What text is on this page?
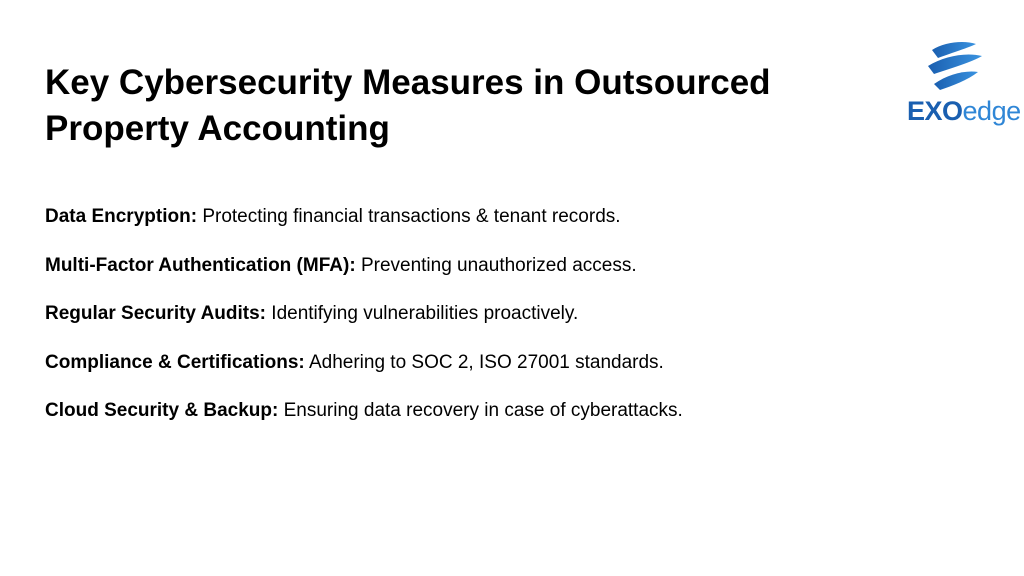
Key Cybersecurity Measures in Outsourced
Property Accounting	EXOedge
Data Encryption: Protecting financial transactions & tenant records.
Multi-Factor Authentication (MFA): Preventing unauthorized access.
Regular Security Audits: Identifying vulnerabilities proactively.
Compliance & Certifications: Adhering to SOC 2, ISO 27001 standards.
Cloud Security & Backup: Ensuring data recovery in case of cyberattacks.
